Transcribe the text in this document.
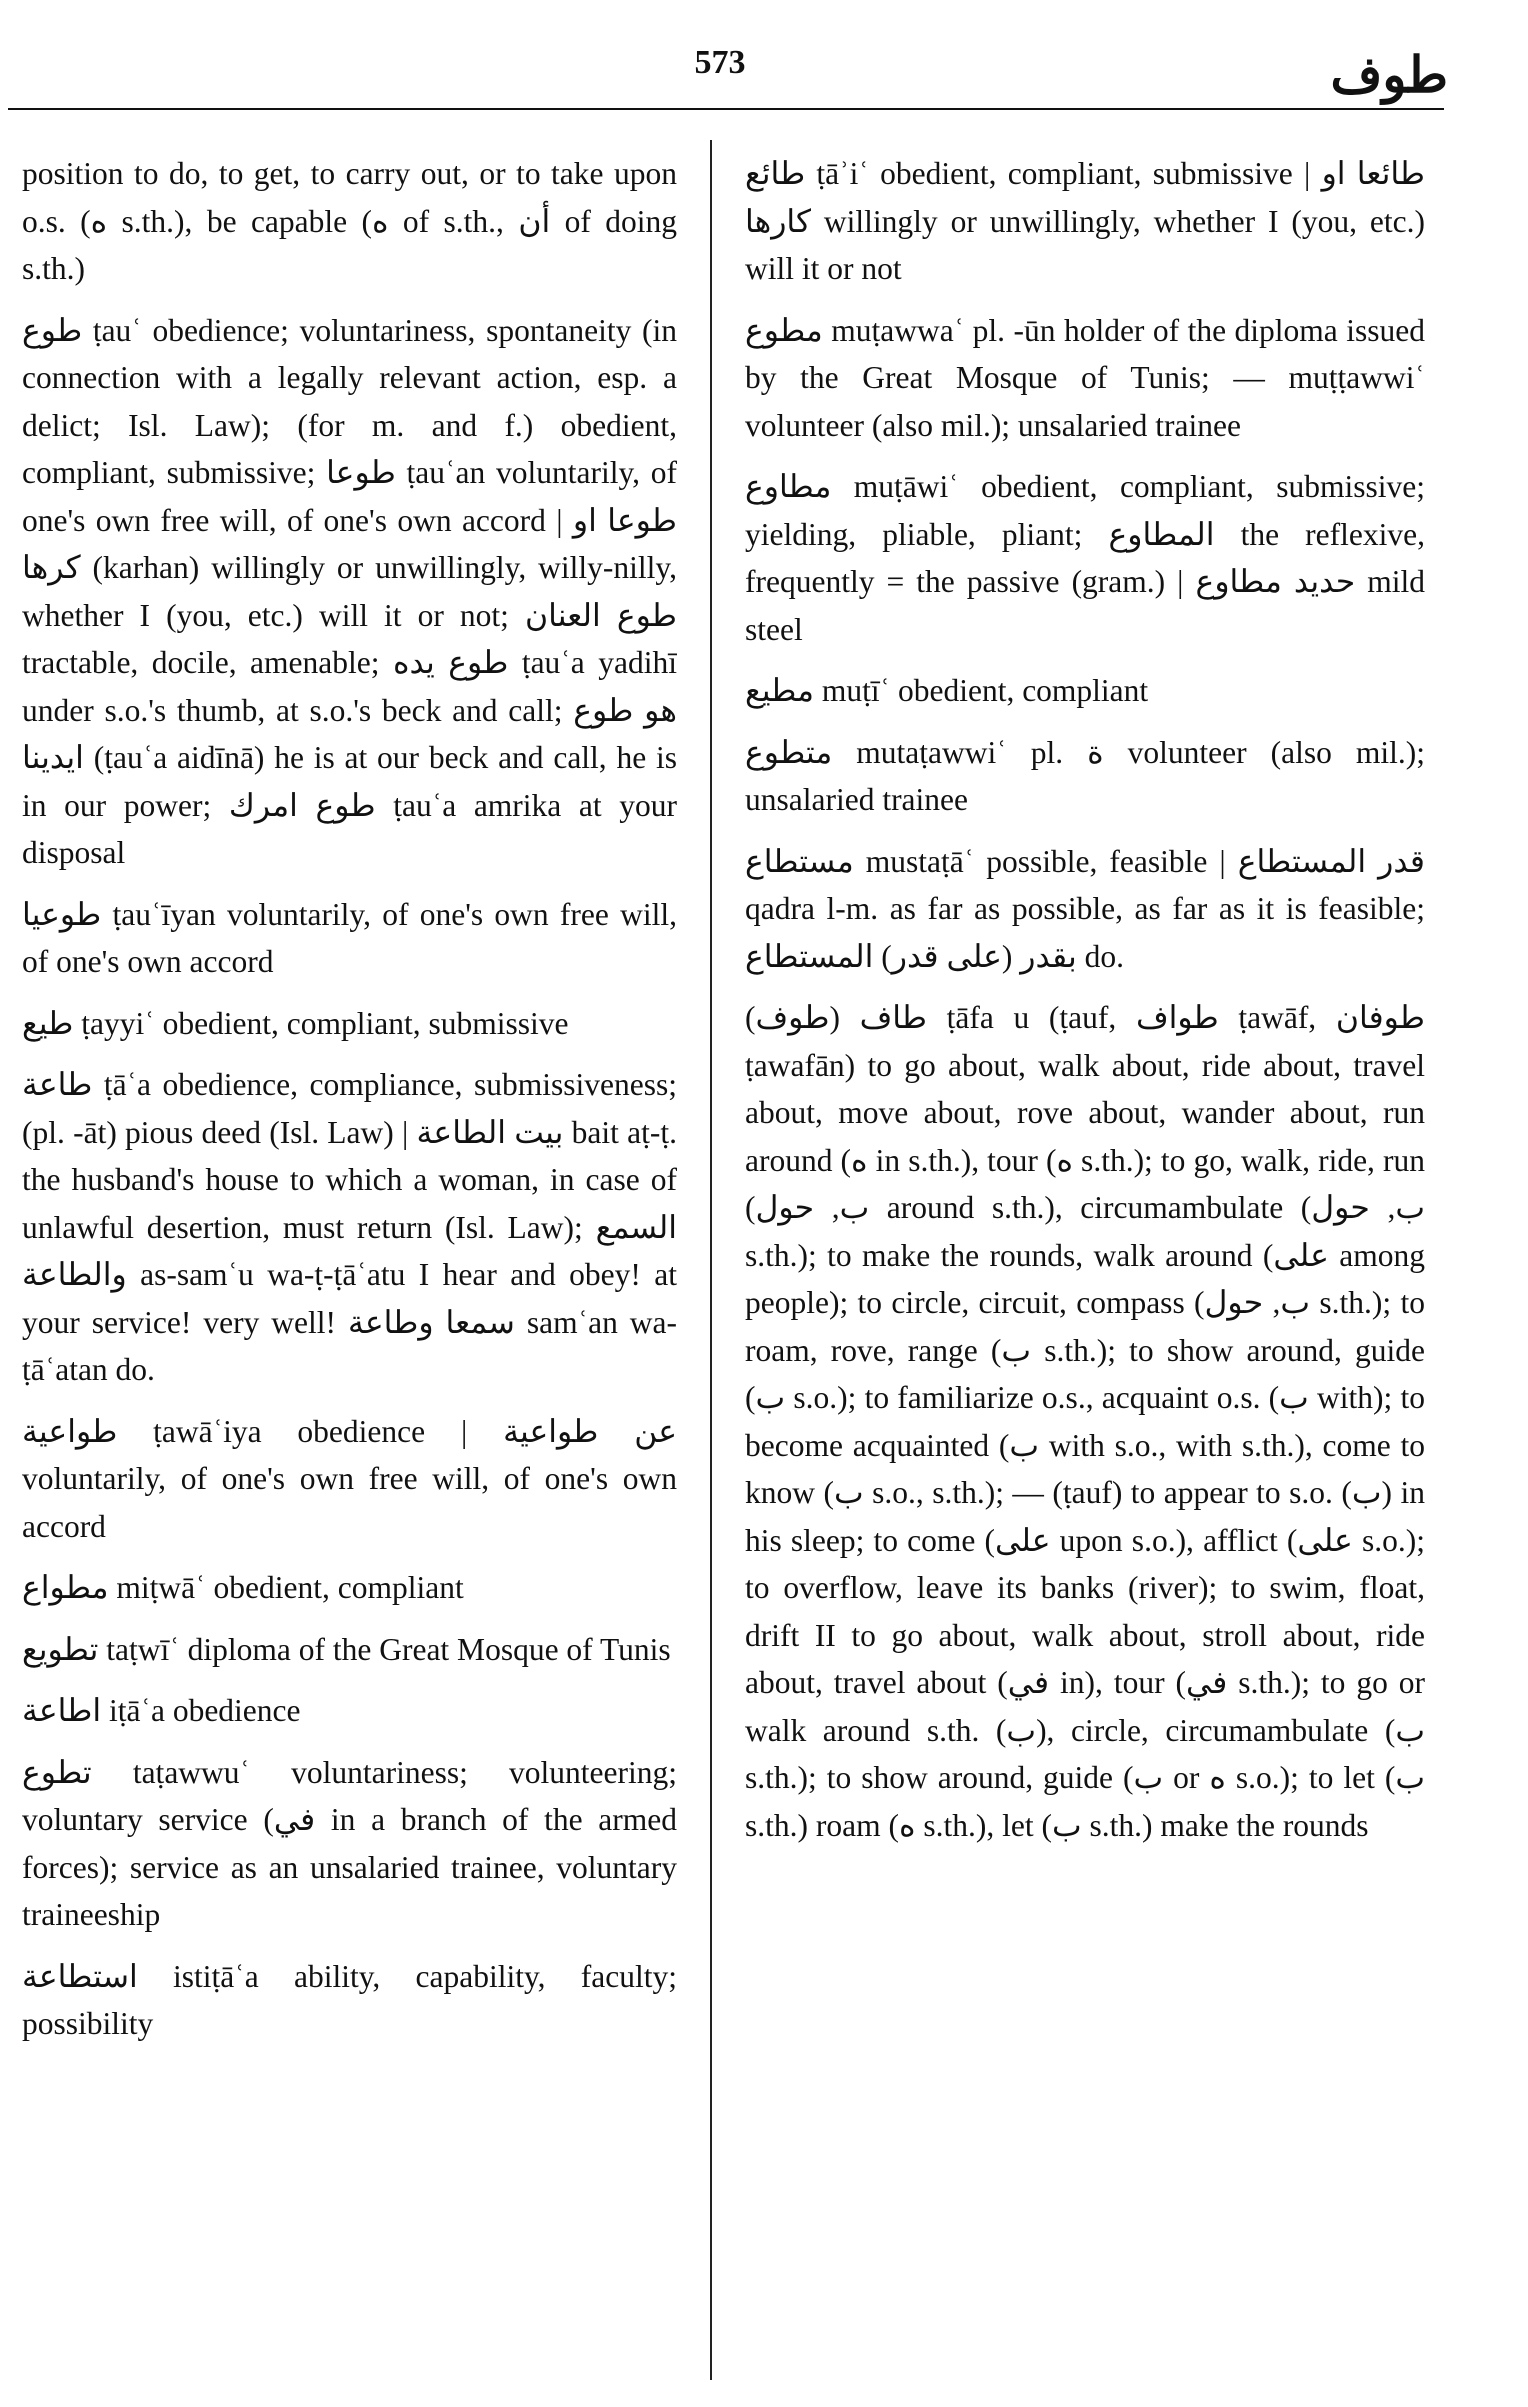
573	طوف

position to do, to get, to carry out, or to take upon o.s. (ه s.th.), be capable (ه of s.th., أن of doing s.th.)

طوع ṭauʿ obedience; voluntariness, spontaneity (in connection with a legally relevant action, esp. a delict; Isl. Law); (for m. and f.) obedient, compliant, submissive; طوعا ṭauʿan voluntarily, of one's own free will, of one's own accord | طوعا او كرها (karhan) willingly or unwillingly, willy-nilly, whether I (you, etc.) will it or not; طوع العنان tractable, docile, amenable; طوع يده ṭauʿa yadihī under s.o.'s thumb, at s.o.'s beck and call; هو طوع ايدينا (ṭauʿa aidīnā) he is at our beck and call, he is in our power; طوع امرك ṭauʿa amrika at your disposal

طوعيا ṭauʿīyan voluntarily, of one's own free will, of one's own accord

طيع ṭayyiʿ obedient, compliant, submissive

طاعة ṭāʿa obedience, compliance, submissiveness; (pl. -āt) pious deed (Isl. Law) | بيت الطاعة bait aṭ-ṭ. the husband's house to which a woman, in case of unlawful desertion, must return (Isl. Law); السمع والطاعة as-samʿu wa-ṭ-ṭāʿatu I hear and obey! at your service! very well! سمعا وطاعة samʿan wa-ṭāʿatan do.

طواعية ṭawāʿiya obedience | عن طواعية voluntarily, of one's own free will, of one's own accord

مطواع miṭwāʿ obedient, compliant

تطويع taṭwīʿ diploma of the Great Mosque of Tunis

اطاعة iṭāʿa obedience

تطوع taṭawwuʿ voluntariness; volunteering; voluntary service (في in a branch of the armed forces); service as an unsalaried trainee, voluntary traineeship

استطاعة istiṭāʿa ability, capability, faculty; possibility

طائع ṭāʾiʿ obedient, compliant, submissive | طائعا او كارها willingly or unwillingly, whether I (you, etc.) will it or not

مطوع muṭawwaʿ pl. -ūn holder of the diploma issued by the Great Mosque of Tunis; — muṭṭawwiʿ volunteer (also mil.); unsalaried trainee

مطاوع muṭāwiʿ obedient, compliant, submissive; yielding, pliable, pliant; المطاوع the reflexive, frequently = the passive (gram.) | حديد مطاوع mild steel

مطيع muṭīʿ obedient, compliant

متطوع mutaṭawwiʿ pl. ة volunteer (also mil.); unsalaried trainee

مستطاع mustaṭāʿ possible, feasible | قدر المستطاع qadra l-m. as far as possible, as far as it is feasible; بقدر (على قدر) المستطاع do.

طاف (طوف) ṭāfa u (ṭauf, طواف ṭawāf, طوفان ṭawafān) to go about, walk about, ride about, travel about, move about, rove about, wander about, run around (ه in s.th.), tour (ه s.th.); to go, walk, ride, run (ب, حول around s.th.), circumambulate (ب, حول s.th.); to make the rounds, walk around (على among people); to circle, circuit, compass (ب, حول s.th.); to roam, rove, range (ب s.th.); to show around, guide (ب s.o.); to familiarize o.s., acquaint o.s. (ب with); to become acquainted (ب with s.o., with s.th.), come to know (ب s.o., s.th.); — (ṭauf) to appear to s.o. (ب) in his sleep; to come (على upon s.o.), afflict (على s.o.); to overflow, leave its banks (river); to swim, float, drift II to go about, walk about, stroll about, ride about, travel about (في in), tour (في s.th.); to go or walk around s.th. (ب), circle, circumambulate (ب s.th.); to show around, guide (ب or ه s.o.); to let (ب s.th.) roam (ه s.th.), let (ب s.th.) make the rounds
